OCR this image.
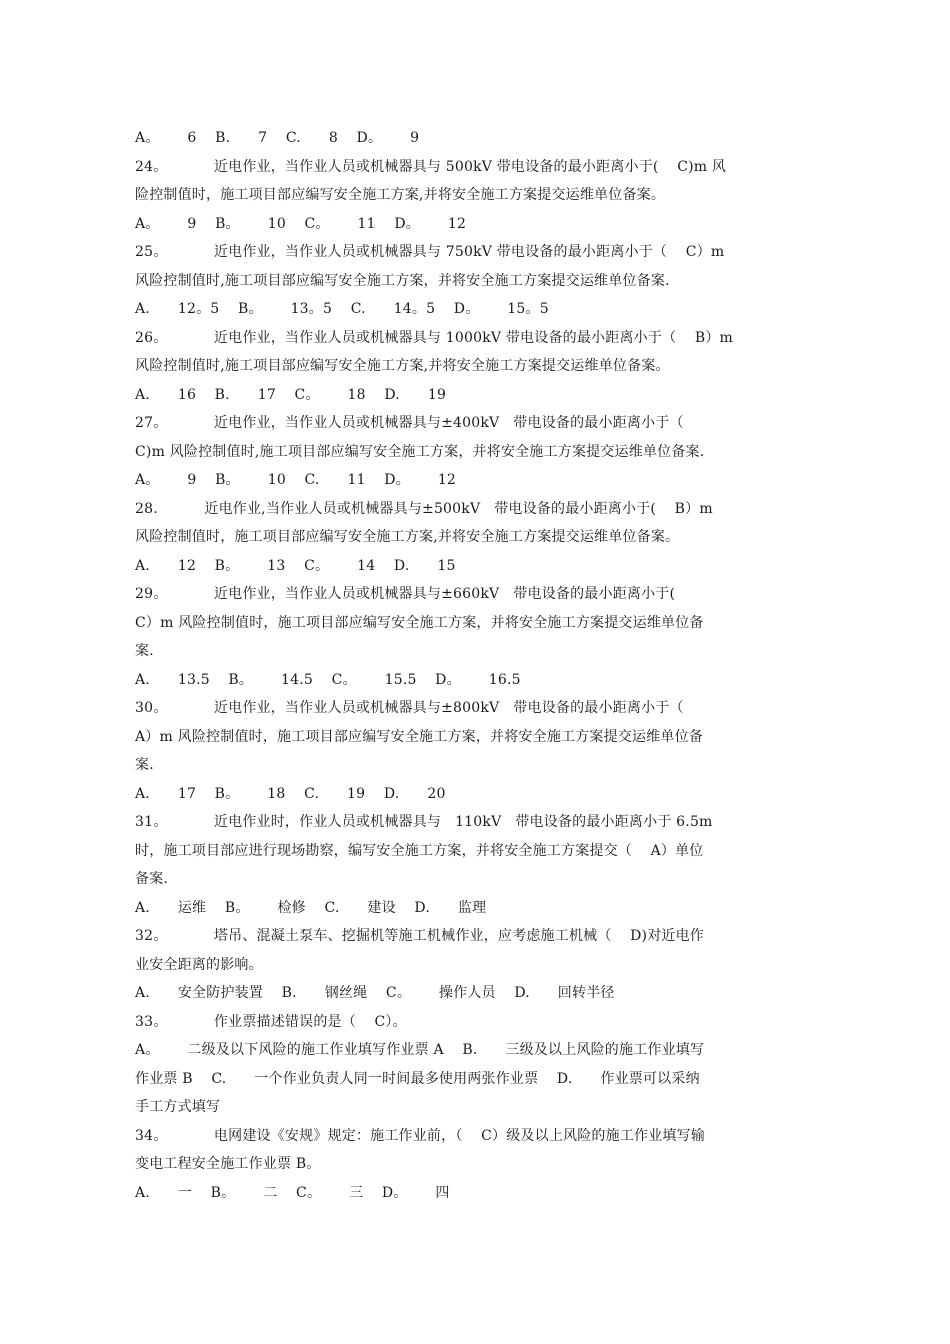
A。      6    B.      7    C.      8    D。      9
24。          近电作业，当作业人员或机械器具与 500kV 带电设备的最小距离小于(    C)m 风
险控制值时，施工项目部应编写安全施工方案,并将安全施工方案提交运维单位备案。
A。      9    B。      10    C。      11    D。      12
25。          近电作业，当作业人员或机械器具与 750kV 带电设备的最小距离小于（    C）m
风险控制值时,施工项目部应编写安全施工方案，并将安全施工方案提交运维单位备案.
A.      12。5    B。      13。5    C.      14。5    D。      15。5
26。          近电作业，当作业人员或机械器具与 1000kV 带电设备的最小距离小于（    B）m
风险控制值时,施工项目部应编写安全施工方案,并将安全施工方案提交运维单位备案。
A.      16    B.      17    C。      18    D.      19
27。          近电作业，当作业人员或机械器具与±400kV   带电设备的最小距离小于（
C)m 风险控制值时,施工项目部应编写安全施工方案，并将安全施工方案提交运维单位备案.
A。      9    B。      10    C.      11    D。      12
28.          近电作业,当作业人员或机械器具与±500kV   带电设备的最小距离小于(    B）m
风险控制值时，施工项目部应编写安全施工方案,并将安全施工方案提交运维单位备案。
A.      12    B。      13    C。      14    D.      15
29。          近电作业，当作业人员或机械器具与±660kV   带电设备的最小距离小于(
C）m 风险控制值时，施工项目部应编写安全施工方案，并将安全施工方案提交运维单位备
案.
A.      13.5    B。      14.5    C。      15.5    D。      16.5
30。          近电作业，当作业人员或机械器具与±800kV   带电设备的最小距离小于（
A）m 风险控制值时，施工项目部应编写安全施工方案，并将安全施工方案提交运维单位备
案.
A.      17    B。      18    C.      19    D.      20
31。          近电作业时，作业人员或机械器具与   110kV   带电设备的最小距离小于 6.5m
时，施工项目部应进行现场勘察，编写安全施工方案，并将安全施工方案提交（    A）单位
备案.
A.      运维    B。      检修    C.      建设    D.      监理
32。          塔吊、混凝土泵车、挖掘机等施工机械作业，应考虑施工机械（    D)对近电作
业安全距离的影响。
A.      安全防护装置    B.      钢丝绳    C。      操作人员    D.      回转半径
33。          作业票描述错误的是（    C）。
A。      二级及以下风险的施工作业填写作业票 A    B.      三级及以上风险的施工作业填写
作业票 B    C.      一个作业负责人同一时间最多使用两张作业票    D.      作业票可以采纳
手工方式填写
34。          电网建设《安规》规定：施工作业前，（    C）级及以上风险的施工作业填写输
变电工程安全施工作业票 B。
A.      一    B。      二    C。      三    D。      四
